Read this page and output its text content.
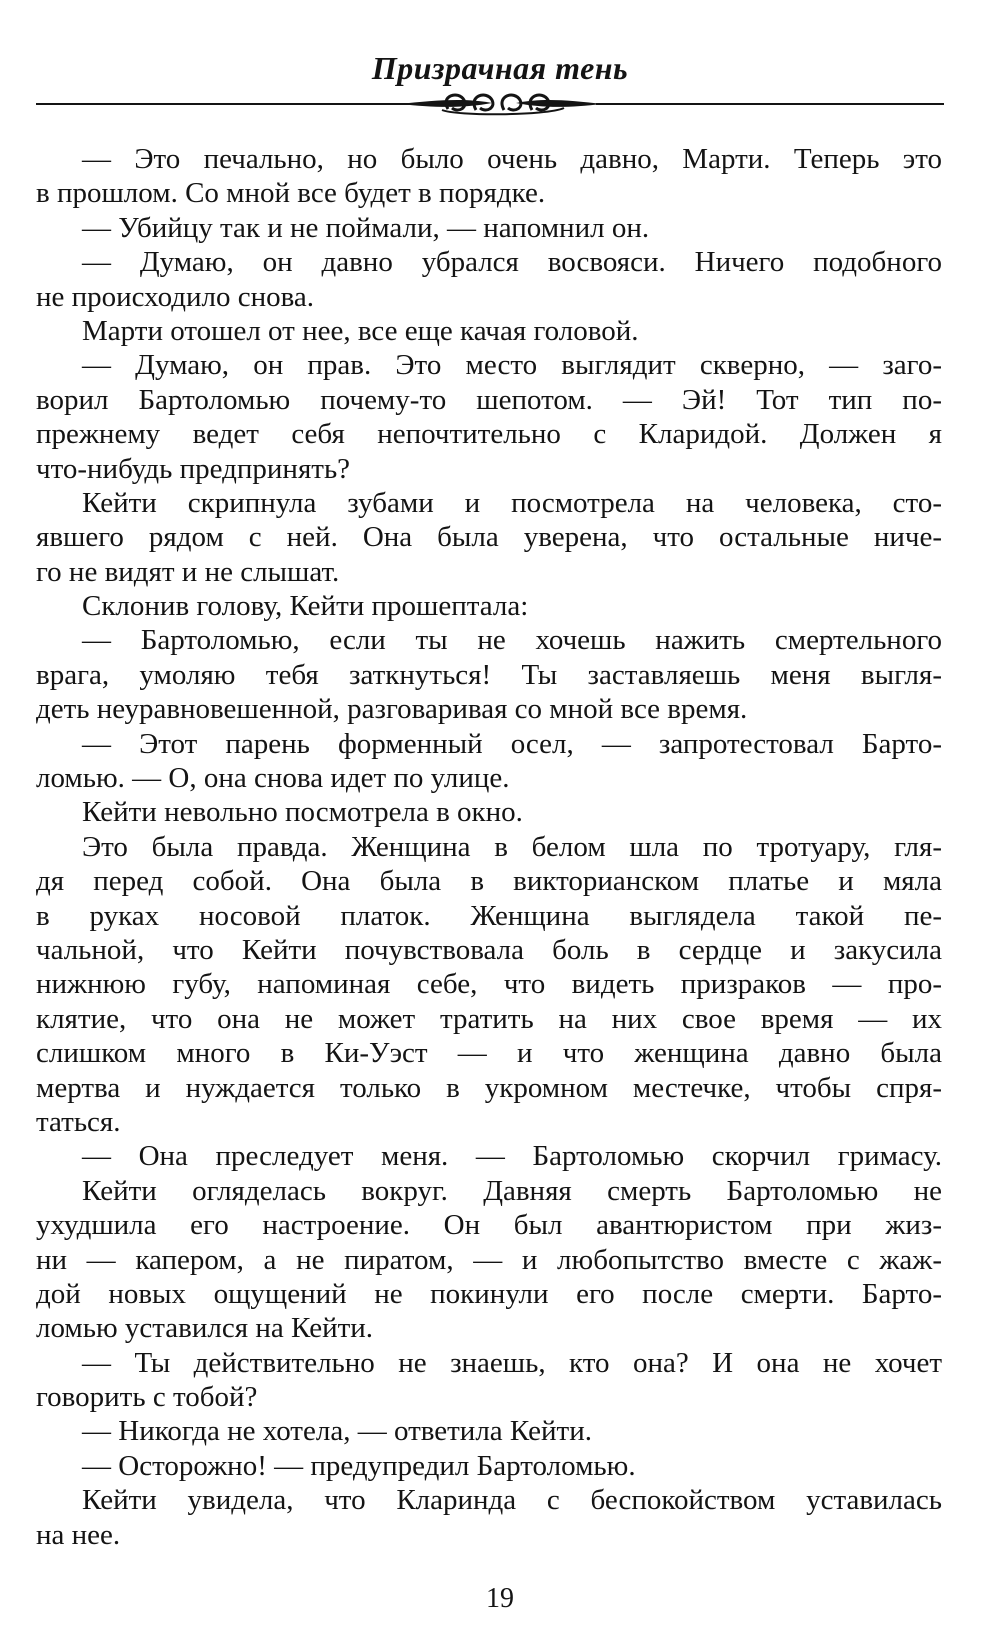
Призрачная тень
— Это печально, но было очень давно, Марти. Теперь это
в прошлом. Со мной все будет в порядке.
— Убийцу так и не поймали, — напомнил он.
— Думаю, он давно убрался восвояси. Ничего подобного
не происходило снова.
Марти отошел от нее, все еще качая головой.
— Думаю, он прав. Это место выглядит скверно, — заго-
ворил Бартоломью почему-то шепотом. — Эй! Тот тип по-
прежнему ведет себя непочтительно с Кларидой. Должен я
что-нибудь предпринять?
Кейти скрипнула зубами и посмотрела на человека, сто-
явшего рядом с ней. Она была уверена, что остальные ниче-
го не видят и не слышат.
Склонив голову, Кейти прошептала:
— Бартоломью, если ты не хочешь нажить смертельного
врага, умоляю тебя заткнуться! Ты заставляешь меня выгля-
деть неуравновешенной, разговаривая со мной все время.
— Этот парень форменный осел, — запротестовал Барто-
ломью. — О, она снова идет по улице.
Кейти невольно посмотрела в окно.
Это была правда. Женщина в белом шла по тротуару, гля-
дя перед собой. Она была в викторианском платье и мяла
в руках носовой платок. Женщина выглядела такой пе-
чальной, что Кейти почувствовала боль в сердце и закусила
нижнюю губу, напоминая себе, что видеть призраков — про-
клятие, что она не может тратить на них свое время — их
слишком много в Ки-Уэст — и что женщина давно была
мертва и нуждается только в укромном местечке, чтобы спря-
таться.
— Она преследует меня. — Бартоломью скорчил гримасу.
Кейти огляделась вокруг. Давняя смерть Бартоломью не
ухудшила его настроение. Он был авантюристом при жиз-
ни — капером, а не пиратом, — и любопытство вместе с жаж-
дой новых ощущений не покинули его после смерти. Барто-
ломью уставился на Кейти.
— Ты действительно не знаешь, кто она? И она не хочет
говорить с тобой?
— Никогда не хотела, — ответила Кейти.
— Осторожно! — предупредил Бартоломью.
Кейти увидела, что Кларинда с беспокойством уставилась
на нее.
19
